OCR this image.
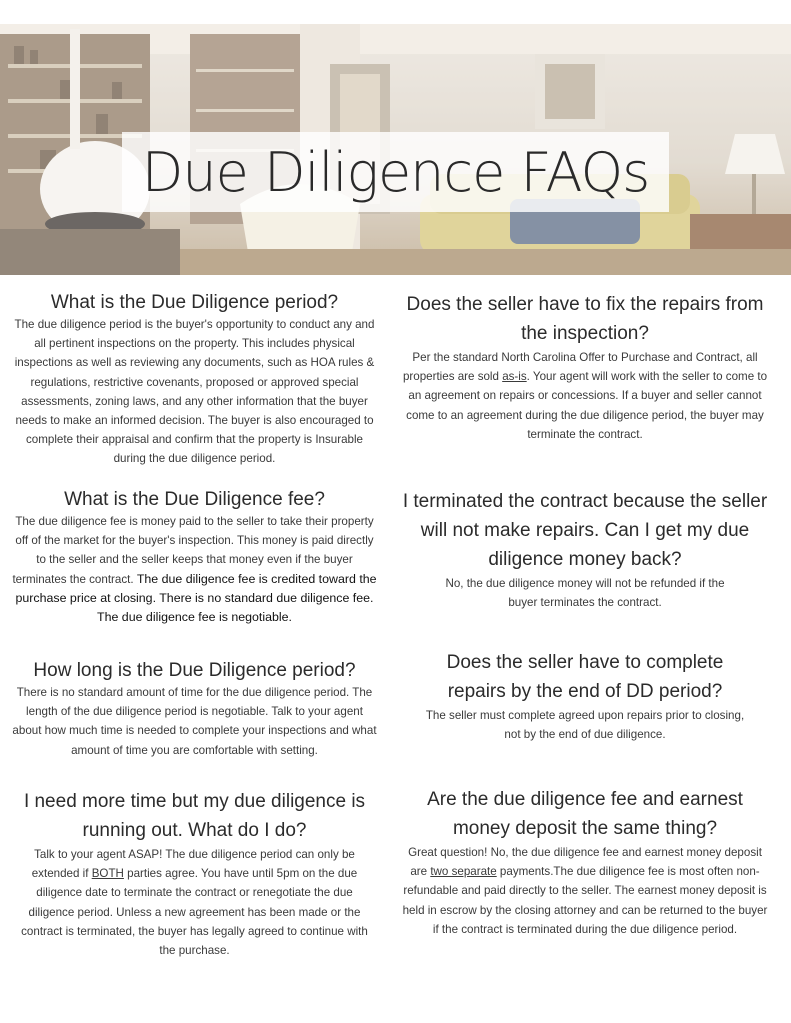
Due Diligence FAQs
What is the Due Diligence period?

The due diligence period is the buyer's opportunity to conduct any and all pertinent inspections on the property. This includes physical inspections as well as reviewing any documents, such as HOA rules & regulations, restrictive covenants, proposed or approved special assessments, zoning laws, and any other information that the buyer needs to make an informed decision. The buyer is also encouraged to complete their appraisal and confirm that the property is Insurable during the due diligence period.

What is the Due Diligence fee?

The due diligence fee is money paid to the seller to take their property off of the market for the buyer's inspection. This money is paid directly to the seller and the seller keeps that money even if the buyer terminates the contract. The due diligence fee is credited toward the purchase price at closing. There is no standard due diligence fee. The due diligence fee is negotiable.

How long is the Due Diligence period?

There is no standard amount of time for the due diligence period. The length of the due diligence period is negotiable. Talk to your agent about how much time is needed to complete your inspections and what amount of time you are comfortable with setting.

I need more time but my due diligence is running out. What do I do?

Talk to your agent ASAP! The due diligence period can only be extended if BOTH parties agree. You have until 5pm on the due diligence date to terminate the contract or renegotiate the due diligence period. Unless a new agreement has been made or the contract is terminated, the buyer has legally agreed to continue with the purchase.

Does the seller have to fix the repairs from the inspection?

Per the standard North Carolina Offer to Purchase and Contract, all properties are sold as-is. Your agent will work with the seller to come to an agreement on repairs or concessions. If a buyer and seller cannot come to an agreement during the due diligence period, the buyer may terminate the contract.

I terminated the contract because the seller will not make repairs. Can I get my due diligence money back?

No, the due diligence money will not be refunded if the buyer terminates the contract.

Does the seller have to complete repairs by the end of DD period?

The seller must complete agreed upon repairs prior to closing, not by the end of due diligence.

Are the due diligence fee and earnest money deposit the same thing?

Great question! No, the due diligence fee and earnest money deposit are two separate payments.The due diligence fee is most often non-refundable and paid directly to the seller. The earnest money deposit is held in escrow by the closing attorney and can be returned to the buyer if the contract is terminated during the due diligence period.
